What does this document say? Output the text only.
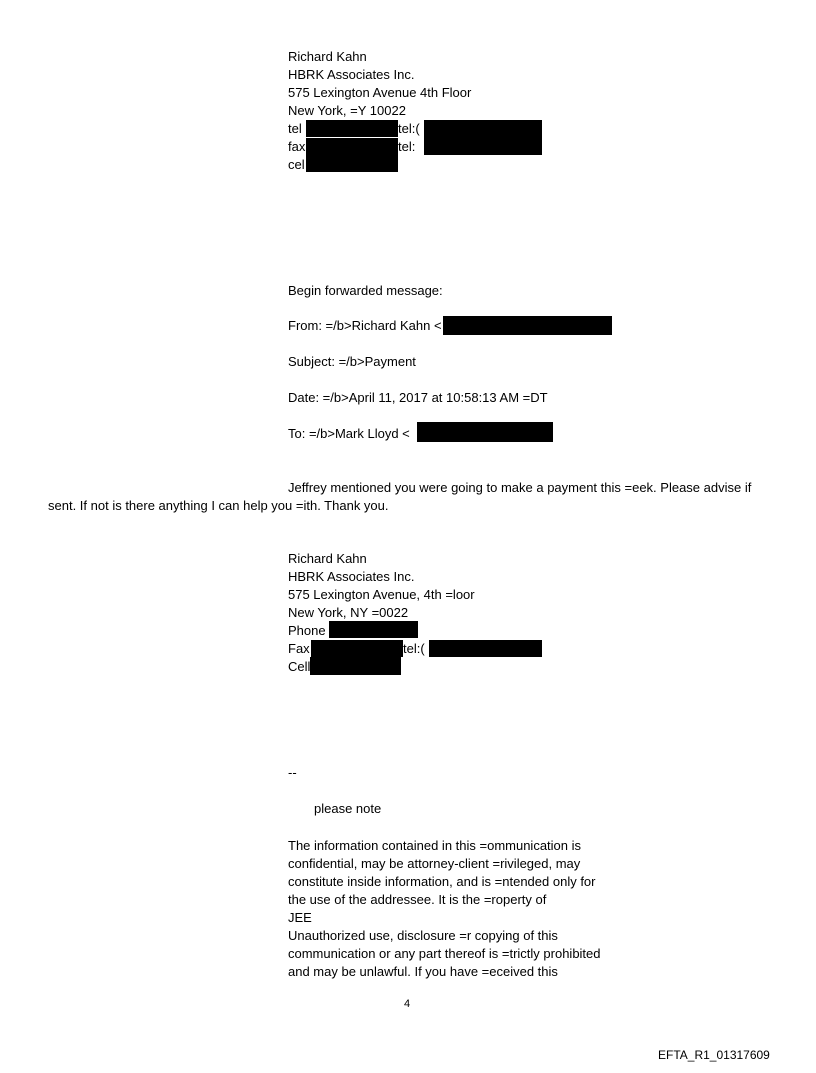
Richard Kahn
HBRK Associates Inc.
575 Lexington Avenue 4th Floor
New York, =Y 10022
tel	tel:(
fax	tel:
cel
Begin forwarded message:
From: =/b>Richard Kahn <
Subject: =/b>Payment
Date: =/b>April 11, 2017 at 10:58:13 AM =DT
To: =/b>Mark Lloyd <
Jeffrey mentioned you were going to make a payment this =eek. Please advise if
sent. If not is there anything I can help you =ith. Thank you.
Richard Kahn
HBRK Associates Inc.
575 Lexington Avenue, 4th =loor
New York, NY =0022
Phone
Fax	tel:(
Cell
--
please note
The information contained in this =ommunication is
confidential, may be attorney-client =rivileged, may
constitute inside information, and is =ntended only for
the use of the addressee. It is the =roperty of
JEE
Unauthorized use, disclosure =r copying of this
communication or any part thereof is =trictly prohibited
and may be unlawful. If you have =eceived this
4
EFTA_R1_01317609
